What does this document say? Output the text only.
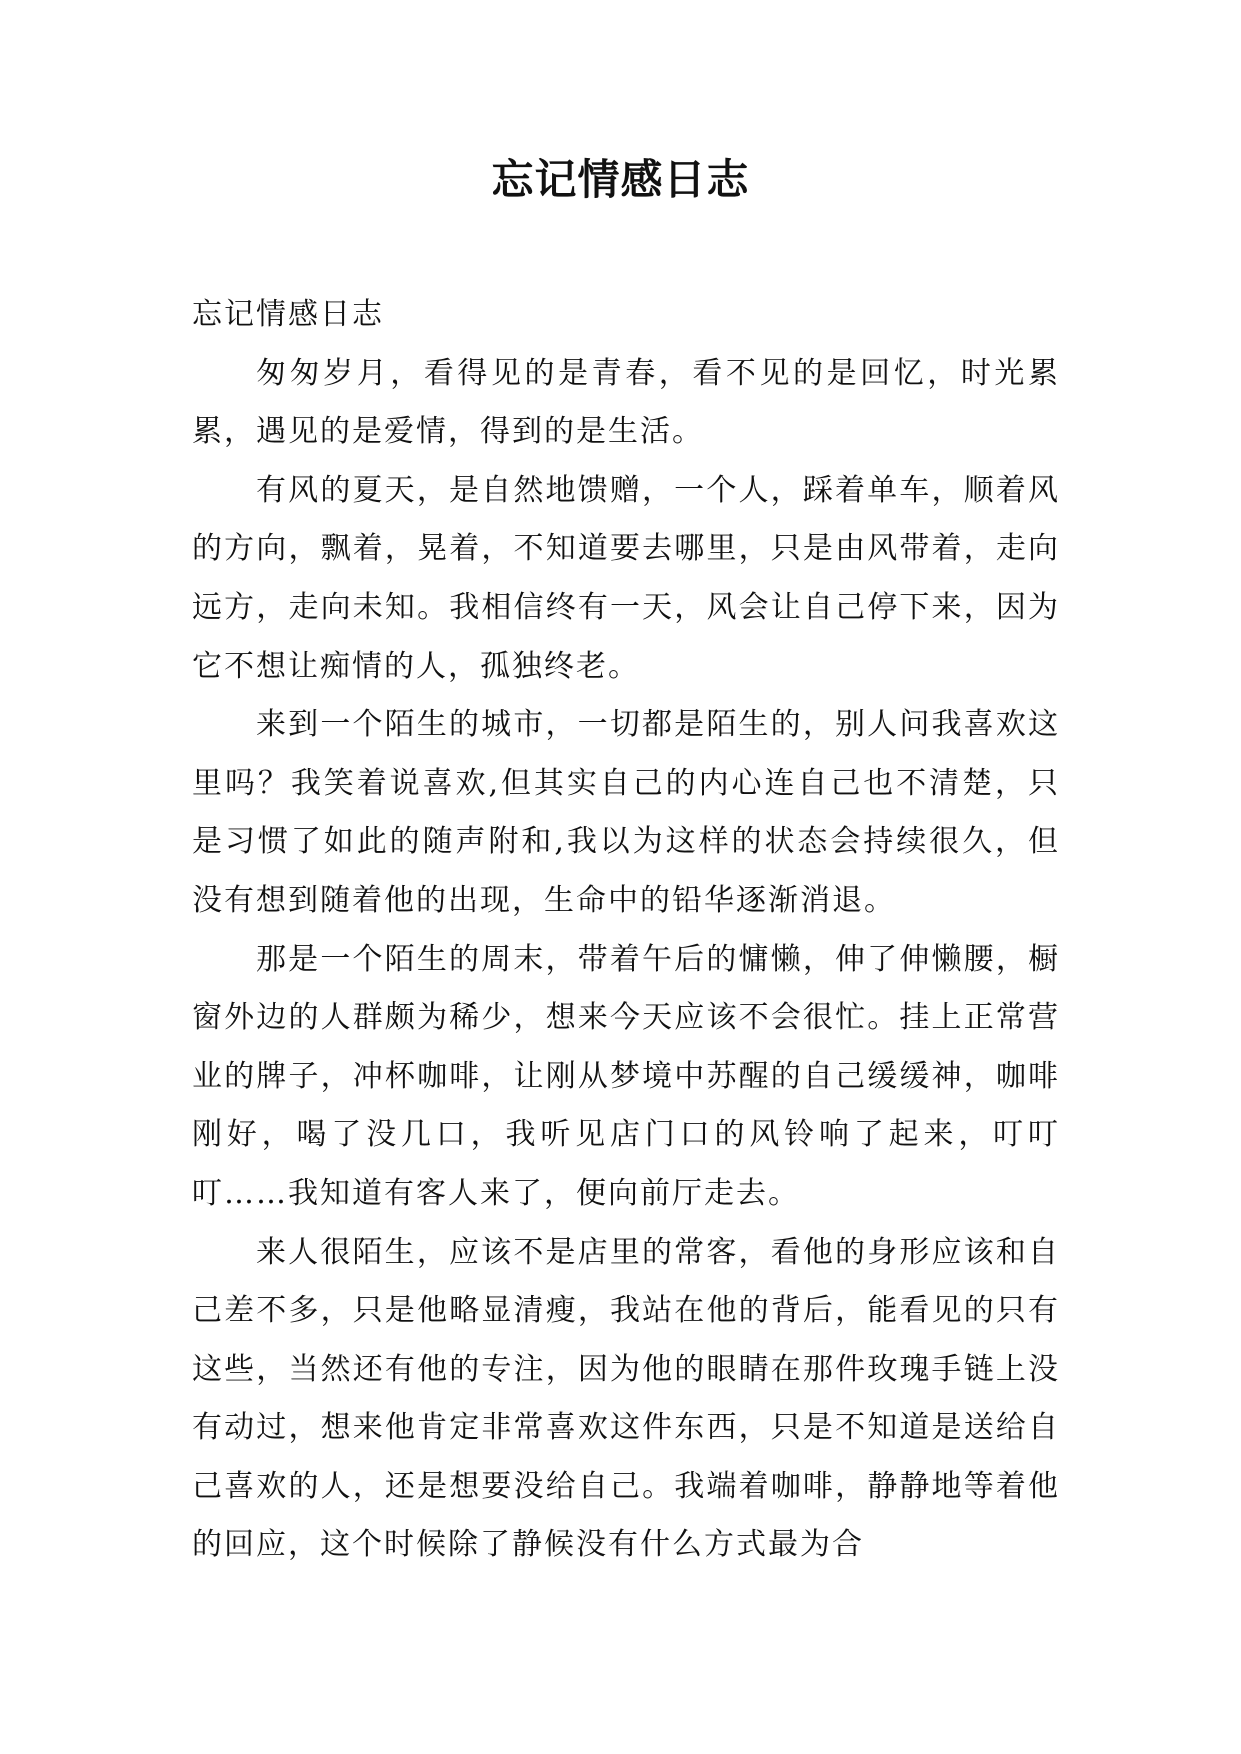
忘记情感日志

忘记情感日志

匆匆岁月，看得见的是青春，看不见的是回忆，时光累累，遇见的是爱情，得到的是生活。

有风的夏天，是自然地馈赠，一个人，踩着单车，顺着风的方向，飘着，晃着，不知道要去哪里，只是由风带着，走向远方，走向未知。我相信终有一天，风会让自己停下来，因为它不想让痴情的人，孤独终老。

来到一个陌生的城市，一切都是陌生的，别人问我喜欢这里吗？我笑着说喜欢,但其实自己的内心连自己也不清楚，只是习惯了如此的随声附和,我以为这样的状态会持续很久，但没有想到随着他的出现，生命中的铅华逐渐消退。

那是一个陌生的周末，带着午后的慵懒，伸了伸懒腰，橱窗外边的人群颇为稀少，想来今天应该不会很忙。挂上正常营业的牌子，冲杯咖啡，让刚从梦境中苏醒的自己缓缓神，咖啡刚好，喝了没几口，我听见店门口的风铃响了起来，叮叮叮……我知道有客人来了，便向前厅走去。

来人很陌生，应该不是店里的常客，看他的身形应该和自己差不多，只是他略显清瘦，我站在他的背后，能看见的只有这些，当然还有他的专注，因为他的眼睛在那件玫瑰手链上没有动过，想来他肯定非常喜欢这件东西，只是不知道是送给自己喜欢的人，还是想要没给自己。我端着咖啡，静静地等着他的回应，这个时候除了静候没有什么方式最为合
